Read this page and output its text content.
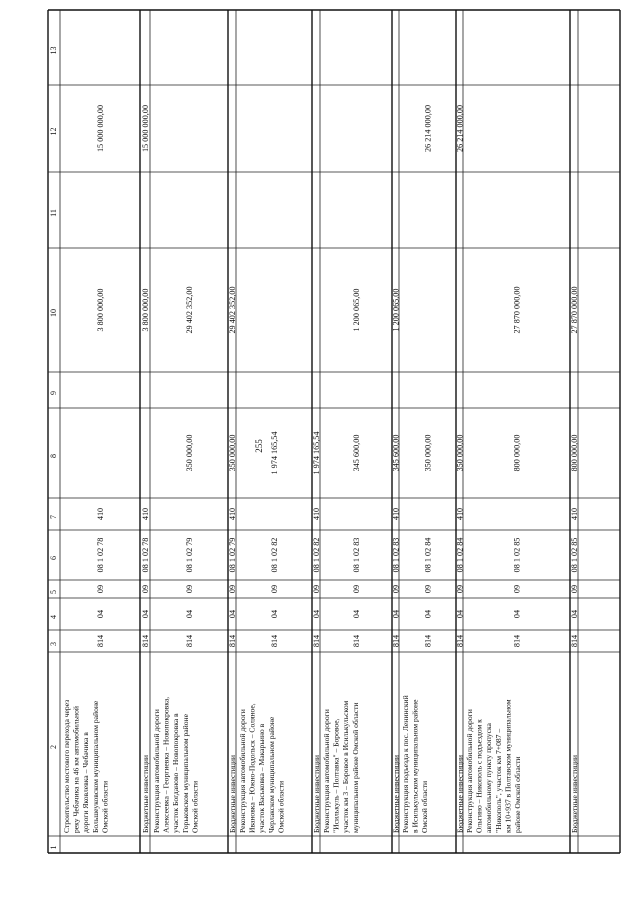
255
1
2
3
4
5
6
7
8
9
10
11
12
13
Строительство мостового перехода через реку Чебачика на 46 км автомобильной дороги Яковлевка – Чебачика в Большеуковском муниципальном районе Омской области
814
04
09
08 1 02 78
410
3 800 000,00
15 000 000,00
Бюджетные инвестиции
814
04
09
08 1 02 78
410
3 800 000,00
15 000 000,00
Реконструкция автомобильной дороги Алексеевка – Георгиевка – Новопокровка, участок Богданово – Новопокровка в Горьковском муниципальном районе Омской области
814
04
09
08 1 02 79
350 000,00
29 402 352,00
Бюджетные инвестиции
814
04
09
08 1 02 79
410
350 000,00
29 402 352,00
Реконструкция автомобильной дороги Ивановка – Южно-Подольск – Соляное, участок Васьковка – Макарьино в Черлакском муниципальном районе Омской области
814
04
09
08 1 02 82
1 974 165,54
Бюджетные инвестиции
814
04
09
08 1 02 82
410
1 974 165,54
Реконструкция автомобильной дороги "Исилькуль – Полтавка" – Боровое, участок км 3 – Боровое в Исилькульском муниципальном районе Омской области
814
04
09
08 1 02 83
345 600,00
1 200 065,00
Бюджетные инвестиции
814
04
09
08 1 02 83
410
345 600,00
1 200 065,00
Реконструкция подъезда к пос. Ленинский в Исилькульском муниципальном районе Омской области
814
04
09
08 1 02 84
350 000,00
26 214 000,00
Бюджетные инвестиции
814
04
09
08 1 02 84
410
350 000,00
26 214 000,00
Реконструкция автомобильной дороги Ольгино – Никополь с подъездом к автомобильному пункту пропуска "Никополь", участок км 7+087 – км 10+937 в Полтавском муниципальном районе Омской области
814
04
09
08 1 02 85
800 000,00
27 870 000,00
Бюджетные инвестиции
814
04
09
08 1 02 85
410
800 000,00
27 870 000,00
